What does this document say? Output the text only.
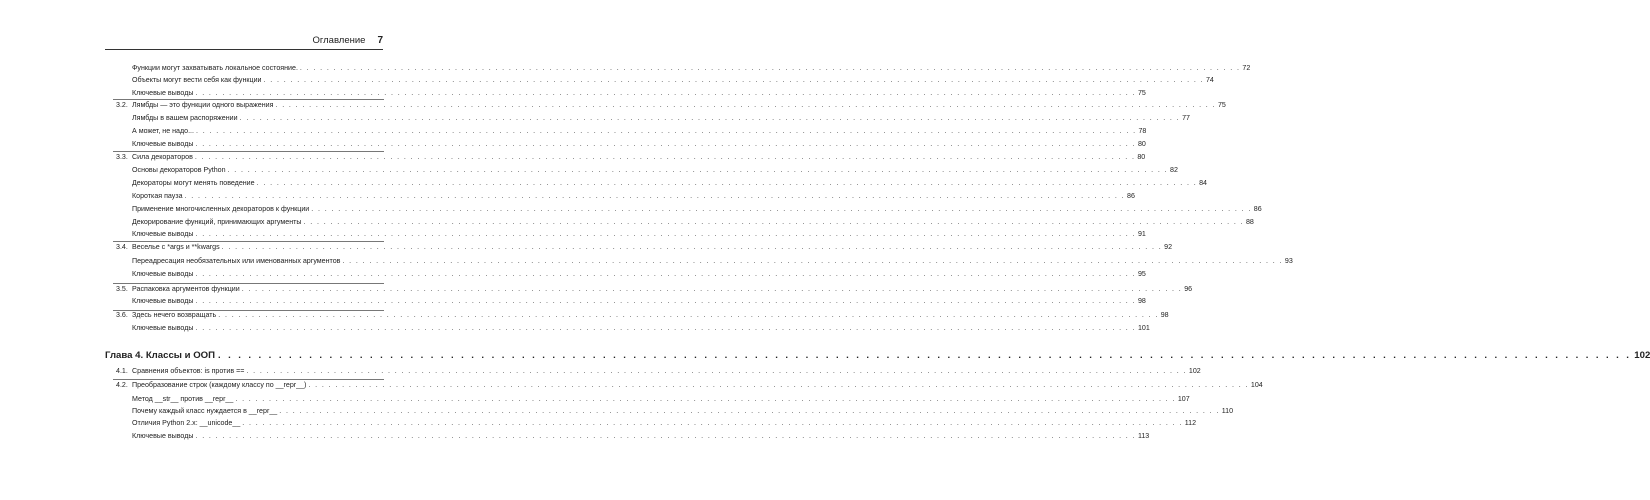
Оглавление 7
Функции могут захватывать локальное состояние. . . . . . . . . . . . . . . . . . . . . . . . . . . . . . . . . . . . . . . . . . . . . . . . . . . . . . . . . . . . . . . . . . . . . . . . . . . . . . . . . . . . . . . . . . . . . . . . . . . . . . . . . . . . . . . . . . . . . . . . . . . . . . . . . . . . . . . . . . . . . 72
Объекты могут вести себя как функции . . . . . . . . . . . . . . . . . . . . . . . . . . . . . . . . . . . . . . . . . . . . . . . . . . . . . . . . . . . . . . . . . . . . . . . . . . . . . . . . . . . . . . . . . . . . . . . . . . . . . . . . . . . . . . . . . . . . . . . . . . . . . . . . . . . . . . . . . . . . 74
Ключевые выводы . . . . . . . . . . . . . . . . . . . . . . . . . . . . . . . . . . . . . . . . . . . . . . . . . . . . . . . . . . . . . . . . . . . . . . . . . . . . . . . . . . . . . . . . . . . . . . . . . . . . . . . . . . . . . . . . . . . . . . . . . . . . . . . . . . . . . . . . . . . . 75
3.2. Лямбды — это функции одного выражения . . . . . . . . . . . . . . . . . . . . . . . . . . . . . . . . . . . . . . . . . . . . . . . . . . . . . . . . . . . . . . . . . . . . . . . . . . . . . . . . . . . . . . . . . . . . . . . . . . . . . . . . . . . . . . . . . . . . . . . . . . . . . . . . . . . . . . . . . . . . 75
Лямбды в вашем распоряжении . . . . . . . . . . . . . . . . . . . . . . . . . . . . . . . . . . . . . . . . . . . . . . . . . . . . . . . . . . . . . . . . . . . . . . . . . . . . . . . . . . . . . . . . . . . . . . . . . . . . . . . . . . . . . . . . . . . . . . . . . . . . . . . . . . . . . . . . . . . . 77
А может, не надо... . . . . . . . . . . . . . . . . . . . . . . . . . . . . . . . . . . . . . . . . . . . . . . . . . . . . . . . . . . . . . . . . . . . . . . . . . . . . . . . . . . . . . . . . . . . . . . . . . . . . . . . . . . . . . . . . . . . . . . . . . . . . . . . . . . . . . . . . . . . . 78
Ключевые выводы . . . . . . . . . . . . . . . . . . . . . . . . . . . . . . . . . . . . . . . . . . . . . . . . . . . . . . . . . . . . . . . . . . . . . . . . . . . . . . . . . . . . . . . . . . . . . . . . . . . . . . . . . . . . . . . . . . . . . . . . . . . . . . . . . . . . . . . . . . . . 80
3.3. Сила декораторов . . . . . . . . . . . . . . . . . . . . . . . . . . . . . . . . . . . . . . . . . . . . . . . . . . . . . . . . . . . . . . . . . . . . . . . . . . . . . . . . . . . . . . . . . . . . . . . . . . . . . . . . . . . . . . . . . . . . . . . . . . . . . . . . . . . . . . . . . . . . 80
Основы декораторов Python . . . . . . . . . . . . . . . . . . . . . . . . . . . . . . . . . . . . . . . . . . . . . . . . . . . . . . . . . . . . . . . . . . . . . . . . . . . . . . . . . . . . . . . . . . . . . . . . . . . . . . . . . . . . . . . . . . . . . . . . . . . . . . . . . . . . . . . . . . . . 82
Декораторы могут менять поведение . . . . . . . . . . . . . . . . . . . . . . . . . . . . . . . . . . . . . . . . . . . . . . . . . . . . . . . . . . . . . . . . . . . . . . . . . . . . . . . . . . . . . . . . . . . . . . . . . . . . . . . . . . . . . . . . . . . . . . . . . . . . . . . . . . . . . . . . . . . . 84
Короткая пауза . . . . . . . . . . . . . . . . . . . . . . . . . . . . . . . . . . . . . . . . . . . . . . . . . . . . . . . . . . . . . . . . . . . . . . . . . . . . . . . . . . . . . . . . . . . . . . . . . . . . . . . . . . . . . . . . . . . . . . . . . . . . . . . . . . . . . . . . . . . . 86
Применение многочисленных декораторов к функции . . . . . . . . . . . . . . . . . . . . . . . . . . . . . . . . . . . . . . . . . . . . . . . . . . . . . . . . . . . . . . . . . . . . . . . . . . . . . . . . . . . . . . . . . . . . . . . . . . . . . . . . . . . . . . . . . . . . . . . . . . . . . . . . . . . . . . . . . . . . 86
Декорирование функций, принимающих аргументы . . . . . . . . . . . . . . . . . . . . . . . . . . . . . . . . . . . . . . . . . . . . . . . . . . . . . . . . . . . . . . . . . . . . . . . . . . . . . . . . . . . . . . . . . . . . . . . . . . . . . . . . . . . . . . . . . . . . . . . . . . . . . . . . . . . . . . . . . . . . 88
Ключевые выводы . . . . . . . . . . . . . . . . . . . . . . . . . . . . . . . . . . . . . . . . . . . . . . . . . . . . . . . . . . . . . . . . . . . . . . . . . . . . . . . . . . . . . . . . . . . . . . . . . . . . . . . . . . . . . . . . . . . . . . . . . . . . . . . . . . . . . . . . . . . . 91
3.4. Веселье с *args и **kwargs . . . . . . . . . . . . . . . . . . . . . . . . . . . . . . . . . . . . . . . . . . . . . . . . . . . . . . . . . . . . . . . . . . . . . . . . . . . . . . . . . . . . . . . . . . . . . . . . . . . . . . . . . . . . . . . . . . . . . . . . . . . . . . . . . . . . . . . . . . . . 92
Переадресация необязательных или именованных аргументов . . . . . . . . . . . . . . . . . . . . . . . . . . . . . . . . . . . . . . . . . . . . . . . . . . . . . . . . . . . . . . . . . . . . . . . . . . . . . . . . . . . . . . . . . . . . . . . . . . . . . . . . . . . . . . . . . . . . . . . . . . . . . . . . . . . . . . . . . . . . 93
Ключевые выводы . . . . . . . . . . . . . . . . . . . . . . . . . . . . . . . . . . . . . . . . . . . . . . . . . . . . . . . . . . . . . . . . . . . . . . . . . . . . . . . . . . . . . . . . . . . . . . . . . . . . . . . . . . . . . . . . . . . . . . . . . . . . . . . . . . . . . . . . . . . . 95
3.5. Распаковка аргументов функции . . . . . . . . . . . . . . . . . . . . . . . . . . . . . . . . . . . . . . . . . . . . . . . . . . . . . . . . . . . . . . . . . . . . . . . . . . . . . . . . . . . . . . . . . . . . . . . . . . . . . . . . . . . . . . . . . . . . . . . . . . . . . . . . . . . . . . . . . . . . 96
Ключевые выводы . . . . . . . . . . . . . . . . . . . . . . . . . . . . . . . . . . . . . . . . . . . . . . . . . . . . . . . . . . . . . . . . . . . . . . . . . . . . . . . . . . . . . . . . . . . . . . . . . . . . . . . . . . . . . . . . . . . . . . . . . . . . . . . . . . . . . . . . . . . . 98
3.6. Здесь нечего возвращать . . . . . . . . . . . . . . . . . . . . . . . . . . . . . . . . . . . . . . . . . . . . . . . . . . . . . . . . . . . . . . . . . . . . . . . . . . . . . . . . . . . . . . . . . . . . . . . . . . . . . . . . . . . . . . . . . . . . . . . . . . . . . . . . . . . . . . . . . . . . 98
Ключевые выводы . . . . . . . . . . . . . . . . . . . . . . . . . . . . . . . . . . . . . . . . . . . . . . . . . . . . . . . . . . . . . . . . . . . . . . . . . . . . . . . . . . . . . . . . . . . . . . . . . . . . . . . . . . . . . . . . . . . . . . . . . . . . . . . . . . . . . . . . . . . . 101
Глава 4. Классы и ООП . . . . . . . . . . . . . . . . . . . . . . . . . . . . . . . . . . . . . . . . . . . . . . . . . . . . . . . . . . . . . . . . . . . . . . . . . . . . . . . . . . . . . . . . . . . . . . . . . . . . . . . . . . . . . . . . . . . . . . . . . . . . . . . . . . . . . . . . . . . . 102
4.1. Сравнения объектов: is против == . . . . . . . . . . . . . . . . . . . . . . . . . . . . . . . . . . . . . . . . . . . . . . . . . . . . . . . . . . . . . . . . . . . . . . . . . . . . . . . . . . . . . . . . . . . . . . . . . . . . . . . . . . . . . . . . . . . . . . . . . . . . . . . . . . . . . . . . . . . . 102
4.2. Преобразование строк (каждому классу по __repr__) . . . . . . . . . . . . . . . . . . . . . . . . . . . . . . . . . . . . . . . . . . . . . . . . . . . . . . . . . . . . . . . . . . . . . . . . . . . . . . . . . . . . . . . . . . . . . . . . . . . . . . . . . . . . . . . . . . . . . . . . . . . . . . . . . . . . . . . . . . . . 104
Метод __str__ против __repr__ . . . . . . . . . . . . . . . . . . . . . . . . . . . . . . . . . . . . . . . . . . . . . . . . . . . . . . . . . . . . . . . . . . . . . . . . . . . . . . . . . . . . . . . . . . . . . . . . . . . . . . . . . . . . . . . . . . . . . . . . . . . . . . . . . . . . . . . . . . . . 107
Почему каждый класс нуждается в __repr__ . . . . . . . . . . . . . . . . . . . . . . . . . . . . . . . . . . . . . . . . . . . . . . . . . . . . . . . . . . . . . . . . . . . . . . . . . . . . . . . . . . . . . . . . . . . . . . . . . . . . . . . . . . . . . . . . . . . . . . . . . . . . . . . . . . . . . . . . . . . . 110
Отличия Python 2.x: __unicode__ . . . . . . . . . . . . . . . . . . . . . . . . . . . . . . . . . . . . . . . . . . . . . . . . . . . . . . . . . . . . . . . . . . . . . . . . . . . . . . . . . . . . . . . . . . . . . . . . . . . . . . . . . . . . . . . . . . . . . . . . . . . . . . . . . . . . . . . . . . . . 112
Ключевые выводы . . . . . . . . . . . . . . . . . . . . . . . . . . . . . . . . . . . . . . . . . . . . . . . . . . . . . . . . . . . . . . . . . . . . . . . . . . . . . . . . . . . . . . . . . . . . . . . . . . . . . . . . . . . . . . . . . . . . . . . . . . . . . . . . . . . . . . . . . . . . 113
